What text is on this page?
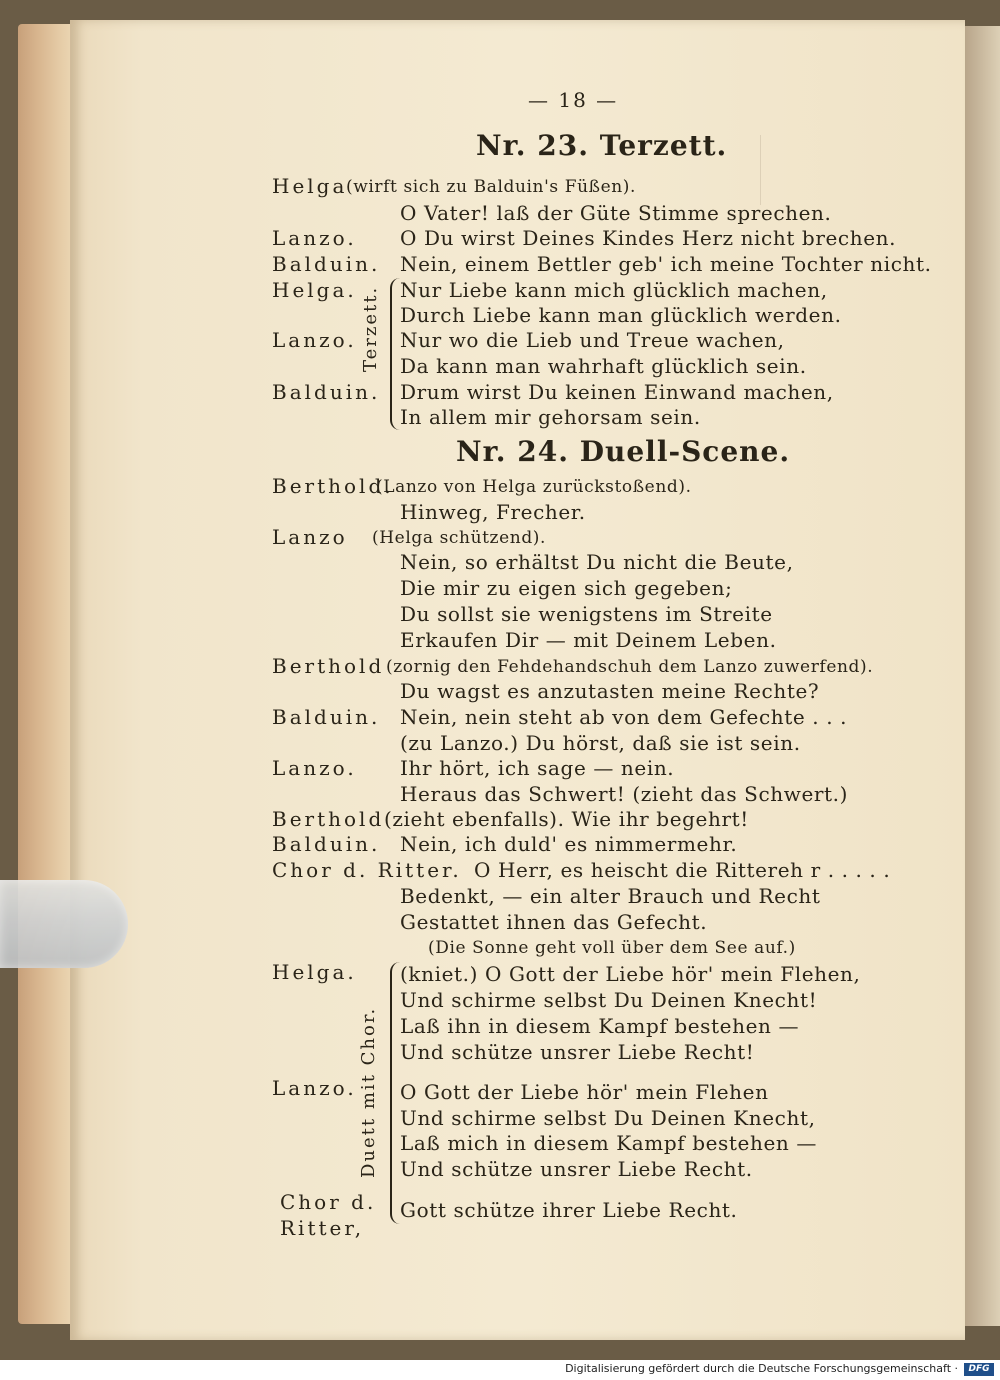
— 18 —
Nr. 23. Terzett.
Helga
(wirft sich zu Balduin's Füßen).
O Vater! laß der Güte Stimme sprechen.
Lanzo. O Du wirst Deines Kindes Herz nicht brechen.
Balduin. Nein, einem Bettler geb' ich meine Tochter nicht.
Terzett.
Helga. Nur Liebe kann mich glücklich machen,
Durch Liebe kann man glücklich werden.
Lanzo. Nur wo die Lieb und Treue wachen,
Da kann man wahrhaft glücklich sein.
Balduin. Drum wirst Du keinen Einwand machen,
In allem mir gehorsam sein.
Nr. 24. Duell-Scene.
Berthold.
(Lanzo von Helga zurückstoßend).
Hinweg, Frecher.
Lanzo (Helga schützend).
Nein, so erhältst Du nicht die Beute,
Die mir zu eigen sich gegeben;
Du sollst sie wenigstens im Streite
Erkaufen Dir — mit Deinem Leben.
Berthold (zornig den Fehdehandschuh dem Lanzo zuwerfend).
Du wagst es anzutasten meine Rechte?
Balduin. Nein, nein steht ab von dem Gefechte . . .
(zu Lanzo.) Du hörst, daß sie ist sein.
Lanzo. Ihr hört, ich sage — nein.
Heraus das Schwert! (zieht das Schwert.)
Berthold (zieht ebenfalls). Wie ihr begehrt!
Balduin. Nein, ich duld' es nimmermehr.
Chor d. Ritter. O Herr, es heischt die Rittereh r . . . . .
Bedenkt, — ein alter Brauch und Recht
Gestattet ihnen das Gefecht.
(Die Sonne geht voll über dem See auf.)
Duett mit Chor.
Helga. (kniet.) O Gott der Liebe hör' mein Flehen,
Und schirme selbst Du Deinen Knecht!
Laß ihn in diesem Kampf bestehen —
Und schütze unsrer Liebe Recht!
Lanzo. O Gott der Liebe hör' mein Flehen
Und schirme selbst Du Deinen Knecht,
Laß mich in diesem Kampf bestehen —
Und schütze unsrer Liebe Recht.
Chor d.
Ritter,
Gott schütze ihrer Liebe Recht.
Digitalisierung gefördert durch die Deutsche Forschungsgemeinschaft ·	DFG
